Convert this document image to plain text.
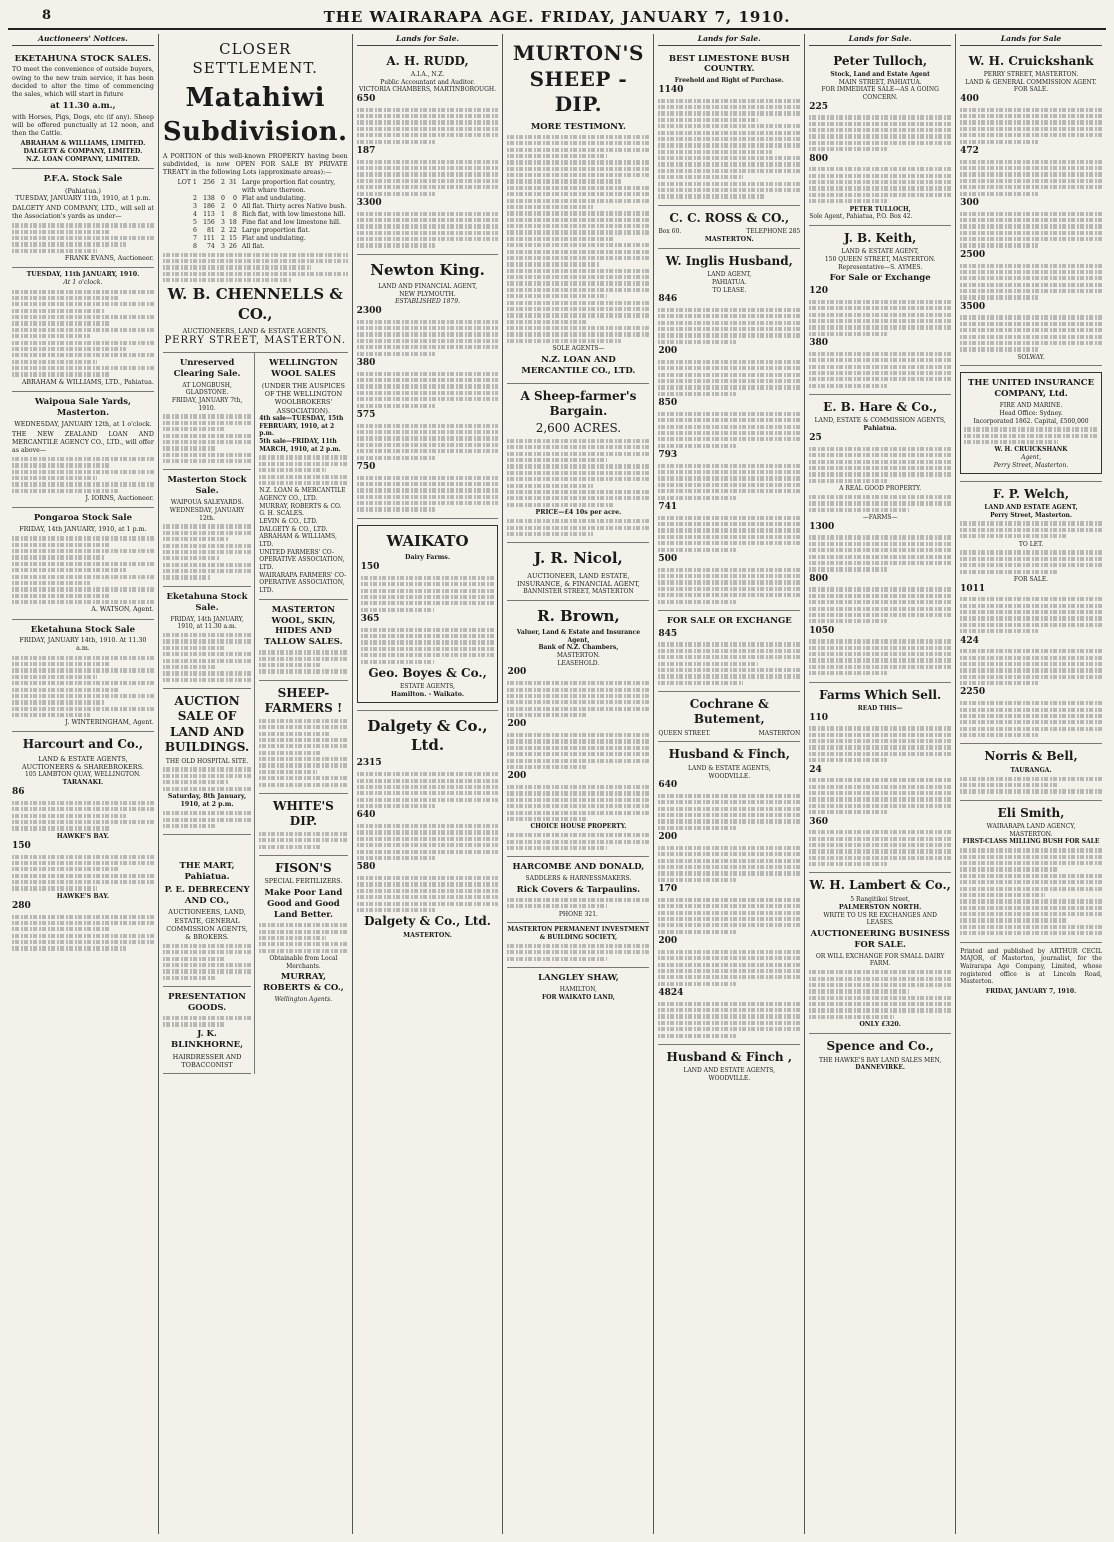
8	THE WAIRARAPA AGE. FRIDAY, JANUARY 7, 1910.
Auctioneers' Notices.
EKETAHUNA STOCK SALES.
TO meet the convenience of outside buyers, owing to the new train service, it has been decided to alter the time of commencing the sales, which will start in future
at 11.30 a.m.,
with Horses, Pigs, Dogs, etc (if any). Sheep will be offered punctually at 12 noon, and then the Cattle.
ABRAHAM & WILLIAMS, LIMITED.
DALGETY & COMPANY, LIMITED.
N.Z. LOAN COMPANY, LIMITED.
P.F.A. Stock Sale
(Pahiatua.)
TUESDAY, JANUARY 11th, 1910, at 1 p.m.
DALGETY AND COMPANY, LTD., will sell at the Association's yards as under—
FRANK EVANS, Auctioneer.
TUESDAY, 11th JANUARY, 1910.
At 1 o'clock.
ABRAHAM & WILLIAMS, LTD., Pahiatua.
Waipoua Sale Yards, Masterton.
WEDNESDAY, JANUARY 12th, at 1 o'clock.
THE NEW ZEALAND LOAN AND MERCANTILE AGENCY CO., LTD., will offer as above—
J. IORNS, Auctioneer.
Pongaroa Stock Sale
FRIDAY, 14th JANUARY, 1910, at 1 p.m.
A. WATSON, Agent.
Eketahuna Stock Sale
FRIDAY, JANUARY 14th, 1910. At 11.30 a.m.
J. WINTERINGHAM, Agent.
Harcourt and Co.,
LAND & ESTATE AGENTS, AUCTIONEERS & SHAREBROKERS.
105 LAMBTON QUAY, WELLINGTON.
TARANAKI.
86
HAWKE'S BAY.
150
HAWKE'S BAY.
280
CLOSER SETTLEMENT.
Matahiwi Subdivision.
A PORTION of this well-known PROPERTY having been subdivided, is now OPEN FOR SALE BY PRIVATE TREATY in the following Lots (approximate areas):—
LOT 1 256 2 31 Large proportion flat country, with whare thereon.
2 138 0	0 Flat and undulating.
3 186 2	0 All flat. Thirty acres Native bush.
4 113 1	8 Rich flat, with low limestone hill.
5 156 3 18 Fine flat and low limestone hill.
6	81 2 22 Large proportion flat.
7 111 2 15 Flat and undulating.
8	74 3 26 All flat.
W. B. CHENNELLS & CO.,
AUCTIONEERS, LAND & ESTATE AGENTS,
PERRY STREET, MASTERTON.
Unreserved Clearing Sale.
AT LONGBUSH, GLADSTONE.
FRIDAY, JANUARY 7th, 1910.
Masterton Stock Sale.
WAIPOUA SALEYARDS.
WEDNESDAY, JANUARY 12th.
Eketahuna Stock Sale.
FRIDAY, 14th JANUARY, 1910, at 11.30 a.m.
AUCTION SALE OF LAND AND BUILDINGS.
THE OLD HOSPITAL SITE.
Saturday, 8th January, 1910, at 2 p.m.
WELLINGTON WOOL SALES
(UNDER THE AUSPICES OF THE WELLINGTON WOOLBROKERS' ASSOCIATION).
4th sale—TUESDAY, 15th FEBRUARY, 1910, at 2 p.m.
5th sale—FRIDAY, 11th MARCH, 1910, at 2 p.m.
N.Z. LOAN & MERCANTILE AGENCY CO., LTD.
MURRAY, ROBERTS & CO.
G. H. SCALES.
LEVIN & CO., LTD.
DALGETY & CO., LTD.
ABRAHAM & WILLIAMS, LTD.
UNITED FARMERS' CO-OPERATIVE ASSOCIATION, LTD.
WAIRARAPA FARMERS' CO-OPERATIVE ASSOCIATION, LTD.
MASTERTON WOOL, SKIN, HIDES AND TALLOW SALES.
SHEEP-FARMERS !
WHITE'S DIP.
THE MART, Pahiatua.
P. E. DEBRECENY AND CO.,
AUCTIONEERS, LAND, ESTATE, GENERAL COMMISSION AGENTS, & BROKERS.
PRESENTATION GOODS.
J. K. BLINKHORNE,
HAIRDRESSER AND TOBACCONIST
FISON'S
SPECIAL FERTILIZERS.
Make Poor Land Good and Good Land Better.
Obtainable from Local Merchants.
MURRAY, ROBERTS & CO.,
Wellington Agents.
Lands for Sale.
A. H. RUDD,
A.I.A., N.Z.
Public Accountant and Auditor.
VICTORIA CHAMBERS, MARTINBOROUGH.
650
187
3300
Newton King.
LAND AND FINANCIAL AGENT,
NEW PLYMOUTH.
ESTABLISHED 1879.
2300
380
575
750
WAIKATO
Dairy Farms.
150
365
Geo. Boyes & Co.,
ESTATE AGENTS,
Hamilton. - Waikato.
Dalgety & Co., Ltd.
2315
640
580
Dalgety & Co., Ltd.
MASTERTON.
MURTON'S SHEEP - DIP.
MORE TESTIMONY.
SOLE AGENTS—
N.Z. LOAN AND MERCANTILE CO., LTD.
A Sheep-farmer's Bargain.
2,600 ACRES.
PRICE—£4 10s per acre.
J. R. Nicol,
AUCTIONEER, LAND ESTATE, INSURANCE, & FINANCIAL AGENT,
BANNISTER STREET, MASTERTON
R. Brown,
Valuer, Land & Estate and Insurance Agent,
Bank of N.Z. Chambers,
MASTERTON.
LEASEHOLD.
200
200
200
CHOICE HOUSE PROPERTY.
HARCOMBE AND DONALD,
SADDLERS & HARNESSMAKERS.
Rick Covers & Tarpaulins.
PHONE 321.
MASTERTON PERMANENT INVESTMENT & BUILDING SOCIETY,
LANGLEY SHAW,
HAMILTON,
FOR WAIKATO LAND,
Lands for Sale.
BEST LIMESTONE BUSH COUNTRY.
Freehold and Right of Purchase.
1140
C. C. ROSS & CO.,
Box 60.	TELEPHONE 285
MASTERTON.
W. Inglis Husband,
LAND AGENT,
PAHIATUA.
TO LEASE.
846
200
850
793
741
500
FOR SALE OR EXCHANGE
845
Cochrane & Butement,
QUEEN STREET.	MASTERTON
Husband & Finch,
LAND & ESTATE AGENTS,
WOODVILLE.
640
200
170
200
4824
Husband & Finch ,
LAND AND ESTATE AGENTS,
WOODVILLE.
Lands for Sale.
Peter Tulloch,
Stock, Land and Estate Agent
MAIN STREET, PAHIATUA.
FOR IMMEDIATE SALE—AS A GOING CONCERN.
225
800
PETER TULLOCH,
Sole Agent, Pahiatua, P.O. Box 42.
J. B. Keith,
LAND & ESTATE AGENT,
150 QUEEN STREET, MASTERTON.
Representative—S. AYMES.
For Sale or Exchange
120
380
E. B. Hare & Co.,
LAND, ESTATE & COMMISSION AGENTS,
Pahiatua.
25
A REAL GOOD PROPERTY.
—FARMS—
1300
800
1050
Farms Which Sell.
READ THIS—
110
24
360
W. H. Lambert & Co.,
5 Rangitikei Street,
PALMERSTON NORTH.
WRITE TO US RE EXCHANGES AND LEASES.
AUCTIONEERING BUSINESS FOR SALE.
OR WILL EXCHANGE FOR SMALL DAIRY FARM.
ONLY £320.
Spence and Co.,
THE HAWKE'S BAY LAND SALES MEN,
DANNEVIRKE.
Lands for Sale
W. H. Cruickshank
PERRY STREET, MASTERTON.
LAND & GENERAL COMMISSION AGENT.
FOR SALE.
400
472
300
2500
3500
SOLWAY.
THE UNITED INSURANCE COMPANY, Ltd.
FIRE AND MARINE.
Head Office: Sydney.
Incorporated 1862. Capital, £500,000
W. H. CRUICKSHANK
Agent,
Perry Street, Masterton.
F. P. Welch,
LAND AND ESTATE AGENT,
Perry Street, Masterton.
TO LET.
FOR SALE.
1011
424
2250
Norris & Bell,
TAURANGA.
Eli Smith,
WAIRARAPA LAND AGENCY,
MASTERTON.
FIRST-CLASS MILLING BUSH FOR SALE
Printed and published by ARTHUR CECIL MAJOR, of Masterton, journalist, for the Wairarapa Age Company, Limited, whose registered office is at Lincoln Road, Masterton.
FRIDAY, JANUARY 7, 1910.
